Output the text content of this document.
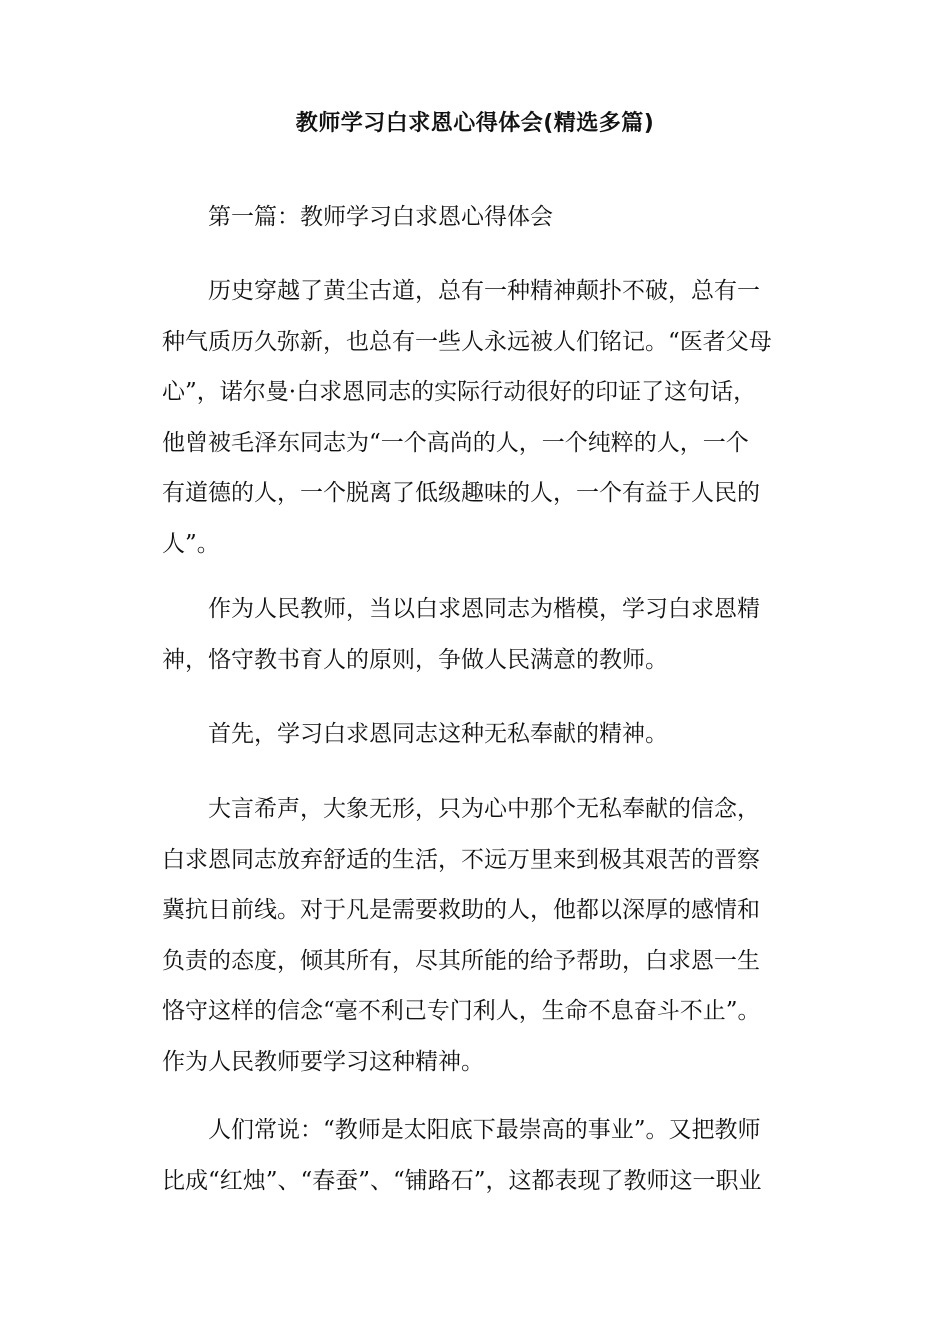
教师学习白求恩心得体会(精选多篇)

第一篇：教师学习白求恩心得体会

历史穿越了黄尘古道，总有一种精神颠扑不破，总有一
种气质历久弥新，也总有一些人永远被人们铭记。“医者父母
心”，诺尔曼·白求恩同志的实际行动很好的印证了这句话，
他曾被毛泽东同志为“一个高尚的人，一个纯粹的人，一个
有道德的人，一个脱离了低级趣味的人，一个有益于人民的
人”。

作为人民教师，当以白求恩同志为楷模，学习白求恩精
神，恪守教书育人的原则，争做人民满意的教师。

首先，学习白求恩同志这种无私奉献的精神。

大言希声，大象无形，只为心中那个无私奉献的信念，
白求恩同志放弃舒适的生活，不远万里来到极其艰苦的晋察
冀抗日前线。对于凡是需要救助的人，他都以深厚的感情和
负责的态度，倾其所有，尽其所能的给予帮助，白求恩一生
恪守这样的信念“毫不利己专门利人，生命不息奋斗不止”。
作为人民教师要学习这种精神。

人们常说：“教师是太阳底下最崇高的事业”。又把教师
比成“红烛”、“春蚕”、“铺路石”，这都表现了教师这一职业
